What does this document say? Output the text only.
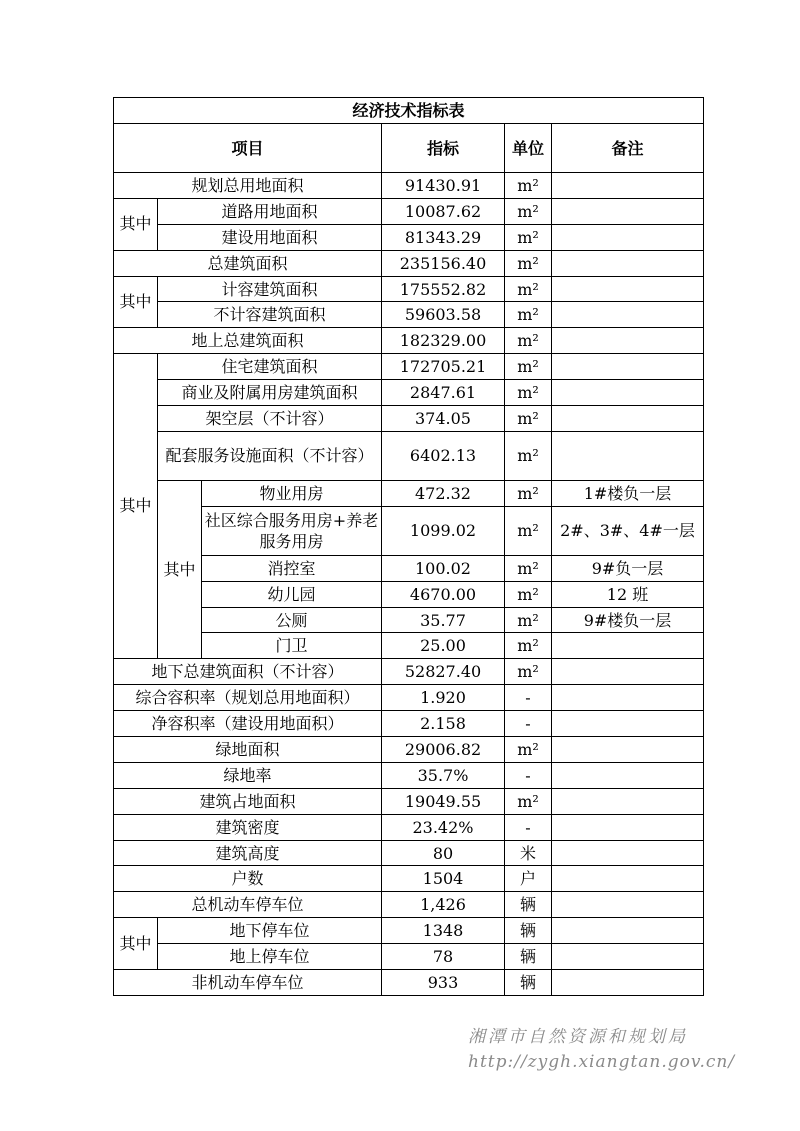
经济技术指标表					
项目			指标	单位	备注
规划总用地面积			91430.91	m²	
其中	道路用地面积		10087.62	m²	
	建设用地面积		81343.29	m²	
总建筑面积			235156.40	m²	
其中	计容建筑面积		175552.82	m²	
	不计容建筑面积		59603.58	m²	
地上总建筑面积			182329.00	m²	
其中	住宅建筑面积		172705.21	m²	
	商业及附属用房建筑面积		2847.61	m²	
	架空层（不计容）		374.05	m²	
	配套服务设施面积（不计容）		6402.13	m²	
	其中	物业用房	472.32	m²	1#楼负一层
		社区综合服务用房+养老服务用房	1099.02	m²	2#、3#、4#一层
		消控室	100.02	m²	9#负一层
		幼儿园	4670.00	m²	12 班
		公厕	35.77	m²	9#楼负一层
		门卫	25.00	m²	
地下总建筑面积（不计容）			52827.40	m²	
综合容积率（规划总用地面积）			1.920	-	
净容积率（建设用地面积）			2.158	-	
绿地面积			29006.82	m²	
绿地率			35.7%	-	
建筑占地面积			19049.55	m²	
建筑密度			23.42%	-	
建筑高度			80	米	
户数			1504	户	
总机动车停车位			1,426	辆	
其中	地下停车位		1348	辆	
	地上停车位		78	辆	
非机动车停车位			933	辆	
湘潭市自然资源和规划局
http://zygh.xiangtan.gov.cn/
